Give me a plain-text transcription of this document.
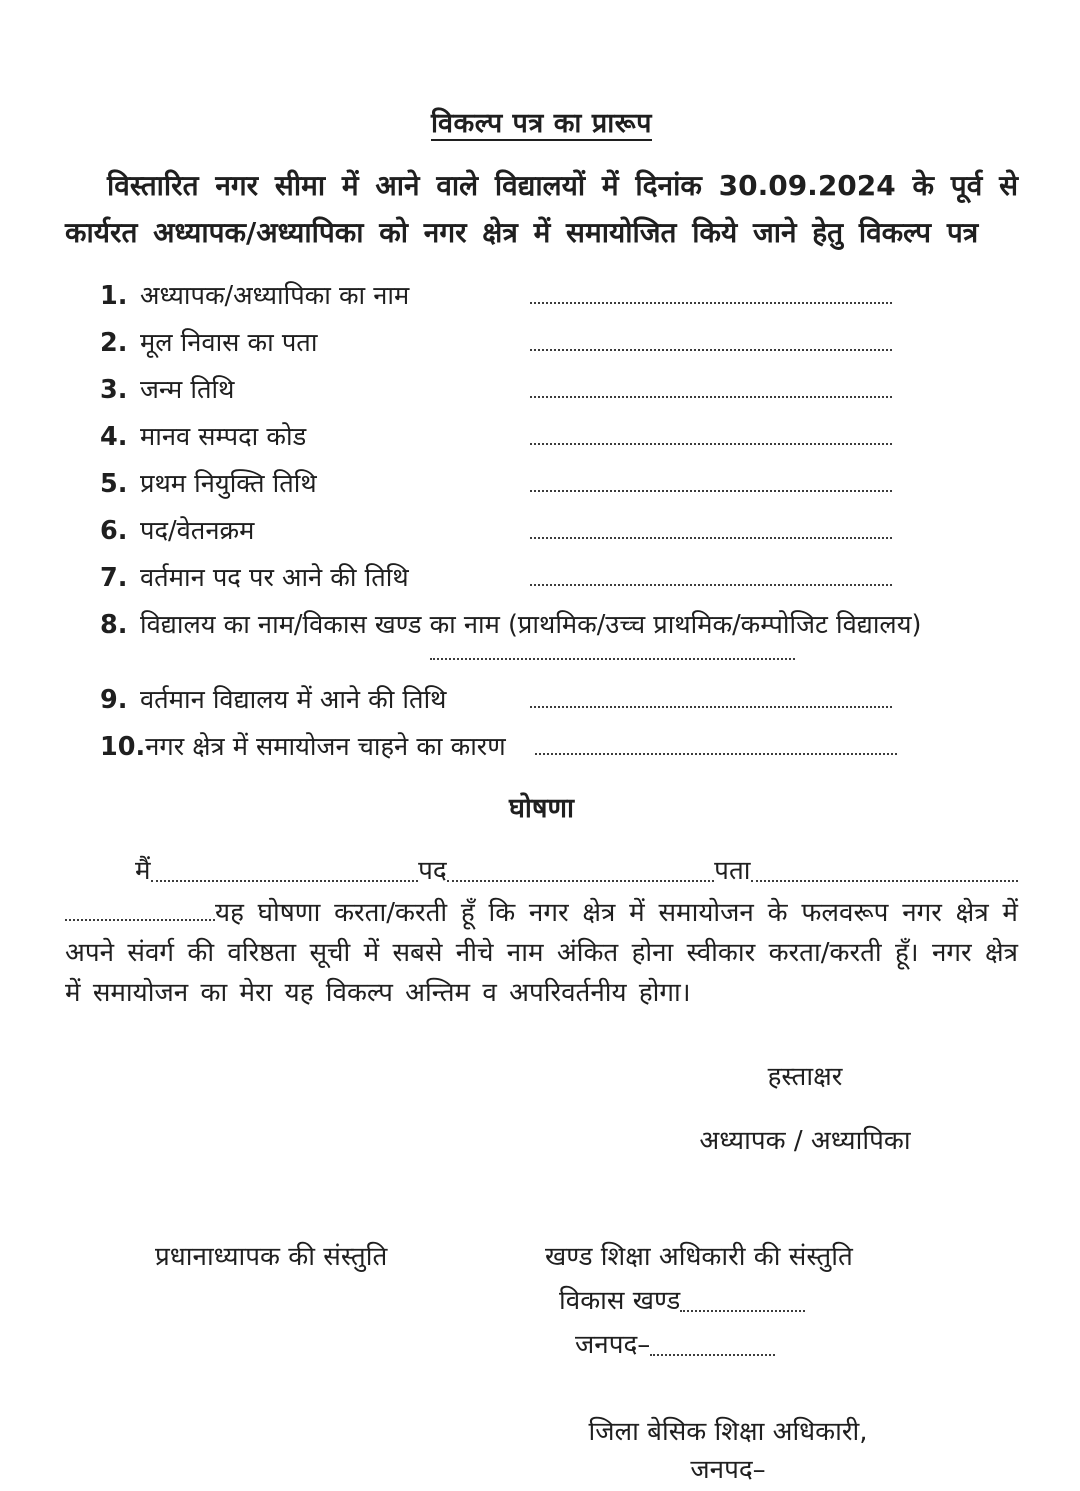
विकल्प पत्र का प्रारूप

विस्तारित नगर सीमा में आने वाले विद्यालयों में दिनांक 30.09.2024 के पूर्व से कार्यरत अध्यापक/अध्यापिका को नगर क्षेत्र में समायोजित किये जाने हेतु विकल्प पत्र

1. अध्यापक/अध्यापिका का नाम
2. मूल निवास का पता
3. जन्म तिथि
4. मानव सम्पदा कोड
5. प्रथम नियुक्ति तिथि
6. पद/वेतनक्रम
7. वर्तमान पद पर आने की तिथि
8. विद्यालय का नाम/विकास खण्ड का नाम (प्राथमिक/उच्च प्राथमिक/कम्पोजिट विद्यालय)
9. वर्तमान विद्यालय में आने की तिथि
10. नगर क्षेत्र में समायोजन चाहने का कारण
घोषणा
मैं	पद	पता

यह घोषणा करता/करती हूँ कि नगर क्षेत्र में समायोजन के फलवरूप नगर क्षेत्र में अपने संवर्ग की वरिष्ठता सूची में सबसे नीचे नाम अंकित होना स्वीकार करता/करती हूँ। नगर क्षेत्र में समायोजन का मेरा यह विकल्प अन्तिम व अपरिवर्तनीय होगा।

हस्ताक्षर
अध्यापक / अध्यापिका
प्रधानाध्यापक की संस्तुति	खण्ड शिक्षा अधिकारी की संस्तुति
विकास खण्ड
जनपद–
जिला बेसिक शिक्षा अधिकारी,
जनपद–
